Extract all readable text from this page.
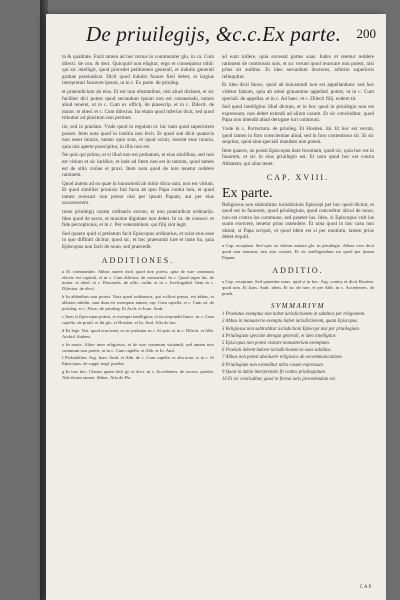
De priuilegijs, &c.c.Ex parte. 200

ta & qualitate. Facit tamen ad hoc textus in communiter glo. in ca. Cum dilecti. de con. & deci. Quicquid non eligitur, ergo et consequitur nihil: qui sic intelligit, quod procedet petitionem generali, et indulto generali gratiae praeiudicat. Dicit quod indulto fauore fieri debet, et largius interpretari fauorem ipsum, ut in c. Ex parte. de priuileg.

et praeiudicium ab eius. Et est non obstantibus, nisi aliud dixisset, et sic faciliter dici potest quod secundum ipsum non est consuetudo, tamen aliud teneret, ut in c. Cum ex officij. de praescrip. et in c. Dilecti. de maior. et obed. et c. Cum dilectus. Ita etiam quod inferius dicit, sed quod tribuitur ad placitum non pertinet.

tio, sed in praelato. Vnde quod in regulam et. hic nam quod superiorem posset. Item nota quod in iustitia non fecit. Et quod sub dicit quamvis non esset iniuria, tamen quia sunt, et quod sciuit, reserat esse iniuria, quia nisi aperte praecipitur, in illis non est.

Ne quis qui primo, et si illud non est probatum, et eius similibus, sed non est vitium et sic iuridice, et inde ad litem non est in tantum, quod tamen est de stilo curiae et praxi. Item nota quod de iure tenetur reddere rationem.

Quod autem ad ea quae in huiusmodi ab initio dicta sunt, non est vitium. Et quod similiter prouisio fuit facta ab ipso Papa contra iura, et quod tamen reuocari non potest nisi per ipsum Papam, aut per eius successorem.

tione priuilegij coram ordinario eorum, et non praeiudicat ordinarijs. Ideo quod de sacro, et maxime dignitate non debet. In ca. de consecr. et fide perceptionis, et in c. Per venerabilem. qui filij sint legit.

Sed quaero quid si prelatum facit Episcopus ordinarius, et sciat eius esse in quo diffiniri dicitur, quod sic, et hoc praesumit iure et iuste ita, quia Episcopus non facit de nouo, sed praecedit.

ADDITIONES.

a Et communiter. Abbas autem dicit quod non potest, quia de iure communi electio est capituli, et in c. Cum dilectus. de consuetud. In c. Quod super his. de maior. et obed. et c. Pastoralis. de offic. ordin. et in c. Irrefragabili. Item in c. Dilectus. de elect.

b In abbatibus non potest. Nota quod ordinarius, qui scilicet primo, est abbas, et abbates subditi, sunt dum est exemptus tamen, cap. Cum capella. et c. Cum sit. de priuileg. et c. Porro. de priuileg. Et Arch. et Ioan. Andr.

c Item si Episcopus potest, et exempti intelligitur, et ita respondit Innoc. in c. Cum capella. de priuil. et ibi glo. et Hostien. et Io. And. Alia de hoc.

d Ea lege. Not. quod non tenet, et sic probatur in c. Si quis. et in c. Dilecti. et Abb. Archid. ibidem.

e In nouis. Aliter inter religiosos, et de iure communi visitandi, sed tamen iure communi non potest, ut in c. Cum capella. et Abb. et Io. And.

f Probabiliter. Arg. Ioan. Andr. et Abb. de c. Cum capella. et alia nota. et in c. Si Episcopus. de suppl. negl. praelat.

g In iure hoc. Clarius quam dicit gl. et doct. in c. Accedentes. de excess. praelat. Alii dicunt tamen, Abbas. Alia de Ho.

ad eum tollere, quia excessit partes suas. Iudex et tenetur reddere rationem de commissis suis, et sic verum quod reuocare non potest, nisi prius sit auditus. Et ideo secundum doctores, arbitrio superioris relinquitur.

Et ideo dicit Innoc. quod ab huiusmodi non est appellandum: sed hoc videtur falsum, quia ab omni grauamine appellari potest, ut in c. Cum speciali. de appellat. et in c. Ad haec. et c. Dilecti filij. eodem tit.

Sed quod intelligitur illud dictum, et in hoc quod in priuilegio non est expressum, non debet extendi ad alium casum. Et sic concluditur, quod Papa non intendit aliud derogare iuri communi.

Vnde in c. Porrectum. de priuileg. Et Hostien. ibi. Et hoc est verum, quod tamen in foro conscientiae aliud, sed in foro contentioso sic. Et sic sequitur, quod sine speciali mandato non potest.

Item quaero, an possit Episcopus dare licentiam, quod sic, quia hoc est in fauorem, et sic in eius priuilegio est. Et nota quod hoc est contra Abbatem, qui alias tenet.

CAP. XVIII.
Ex parte.

Religiosus non subtrahitur iurisdictioni Episcopi per hoc quod dicitur, et quod est in fauorem, quod priuilegium, quod conceditur alicui de nouo, non est contra ius commune, sed praeter ius. Ideo, si Episcopus vult ius suum exercere, tenetur prius ostendere. Et nota quod in hoc casu non obstat, si Papa scripsit, et quod idem est si per nuntium, tamen prius debet requiri.

a Cap. receptum. Sed quis sit videtur mutata glo. in priuilegio. Abbas vero dicit quod non teneatur, nisi alia constet. Et sic intelligendum est quod per ipsum Papam.

ADDITIO.

a Cap. receptum. Sed quaeritur nunc, quid si in hoc. Arg. contra, et dicit Hostien. quod non. Et Ioan. Andr. idem. Et sic de iure, et per Abb. in c. Accedentes. de praeb.

SVMMARIVM
1 Praelatus exemptus non habet iurisdictionem in subditos per religionem.
2 Abbas in monasterio exempto habet iurisdictionem, quam Episcopus.
3 Religiosus non subtrahitur iurisdictioni Episcopi nisi per priuilegium.
4 Priuilegium speciale derogat generali, et ideo intelligitur.
5 Episcopus non potest visitare monasterium exemptum.
6 Praelati debent habere iurisdictionem in suos subditos.
7 Abbas non potest absoluere religiosos ab excommunicatione.
8 Priuilegium non extenditur ultra casum expressum.
9 Quod in dubio interpretatio fit contra priuilegiatum.
10 Et sic concluditur, quod in forma iuris procedendum est.
C A P.
